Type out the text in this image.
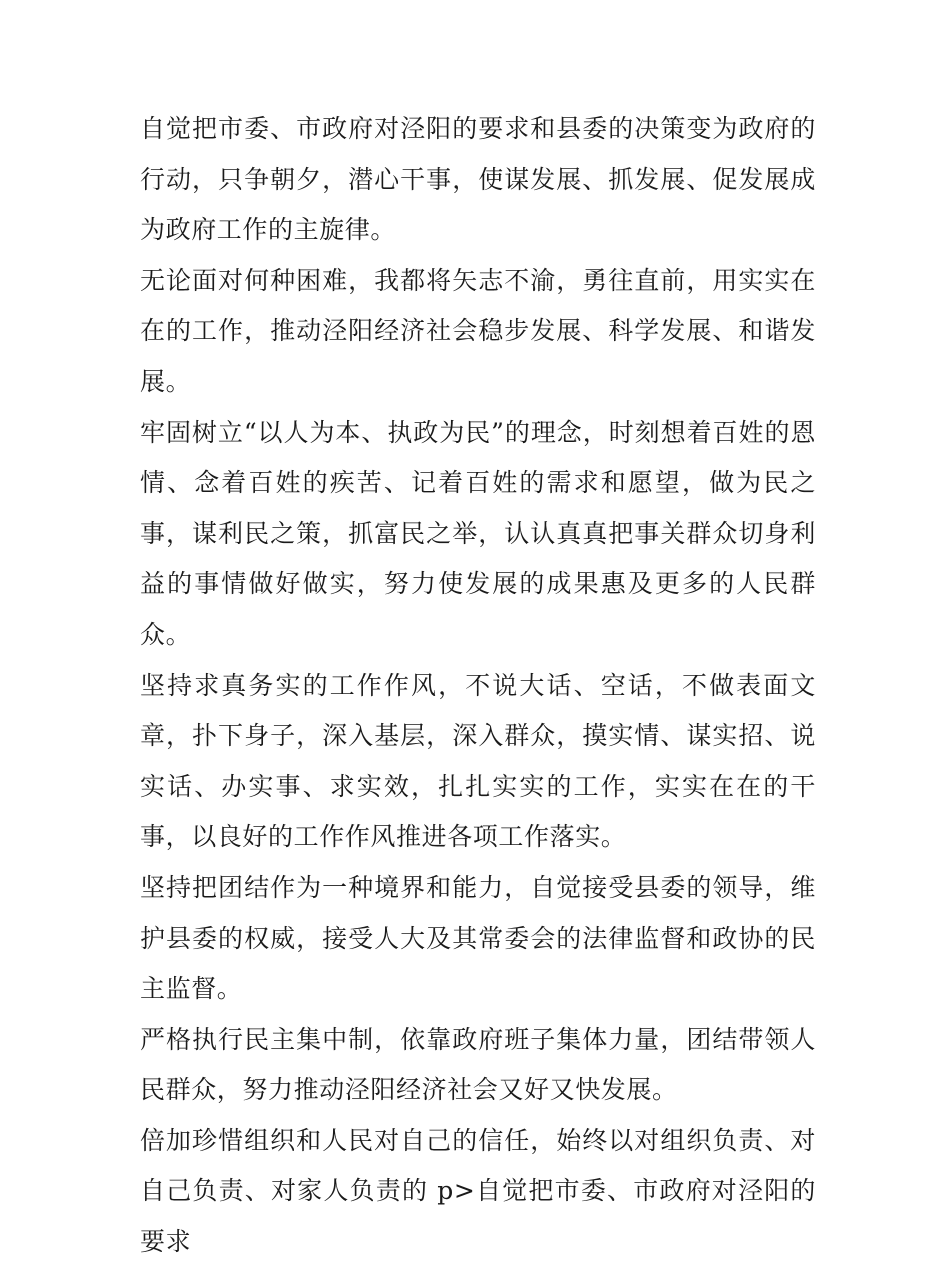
自觉把市委、市政府对泾阳的要求和县委的决策变为政府的行动，只争朝夕，潜心干事，使谋发展、抓发展、促发展成为政府工作的主旋律。

无论面对何种困难，我都将矢志不渝，勇往直前，用实实在在的工作，推动泾阳经济社会稳步发展、科学发展、和谐发展。

牢固树立“以人为本、执政为民”的理念，时刻想着百姓的恩情、念着百姓的疾苦、记着百姓的需求和愿望，做为民之事，谋利民之策，抓富民之举，认认真真把事关群众切身利益的事情做好做实，努力使发展的成果惠及更多的人民群众。

坚持求真务实的工作作风，不说大话、空话，不做表面文章，扑下身子，深入基层，深入群众，摸实情、谋实招、说实话、办实事、求实效，扎扎实实的工作，实实在在的干事，以良好的工作作风推进各项工作落实。

坚持把团结作为一种境界和能力，自觉接受县委的领导，维护县委的权威，接受人大及其常委会的法律监督和政协的民主监督。

严格执行民主集中制，依靠政府班子集体力量，团结带领人民群众，努力推动泾阳经济社会又好又快发展。

倍加珍惜组织和人民对自己的信任，始终以对组织负责、对自己负责、对家人负责的 p>自觉把市委、市政府对泾阳的要求
